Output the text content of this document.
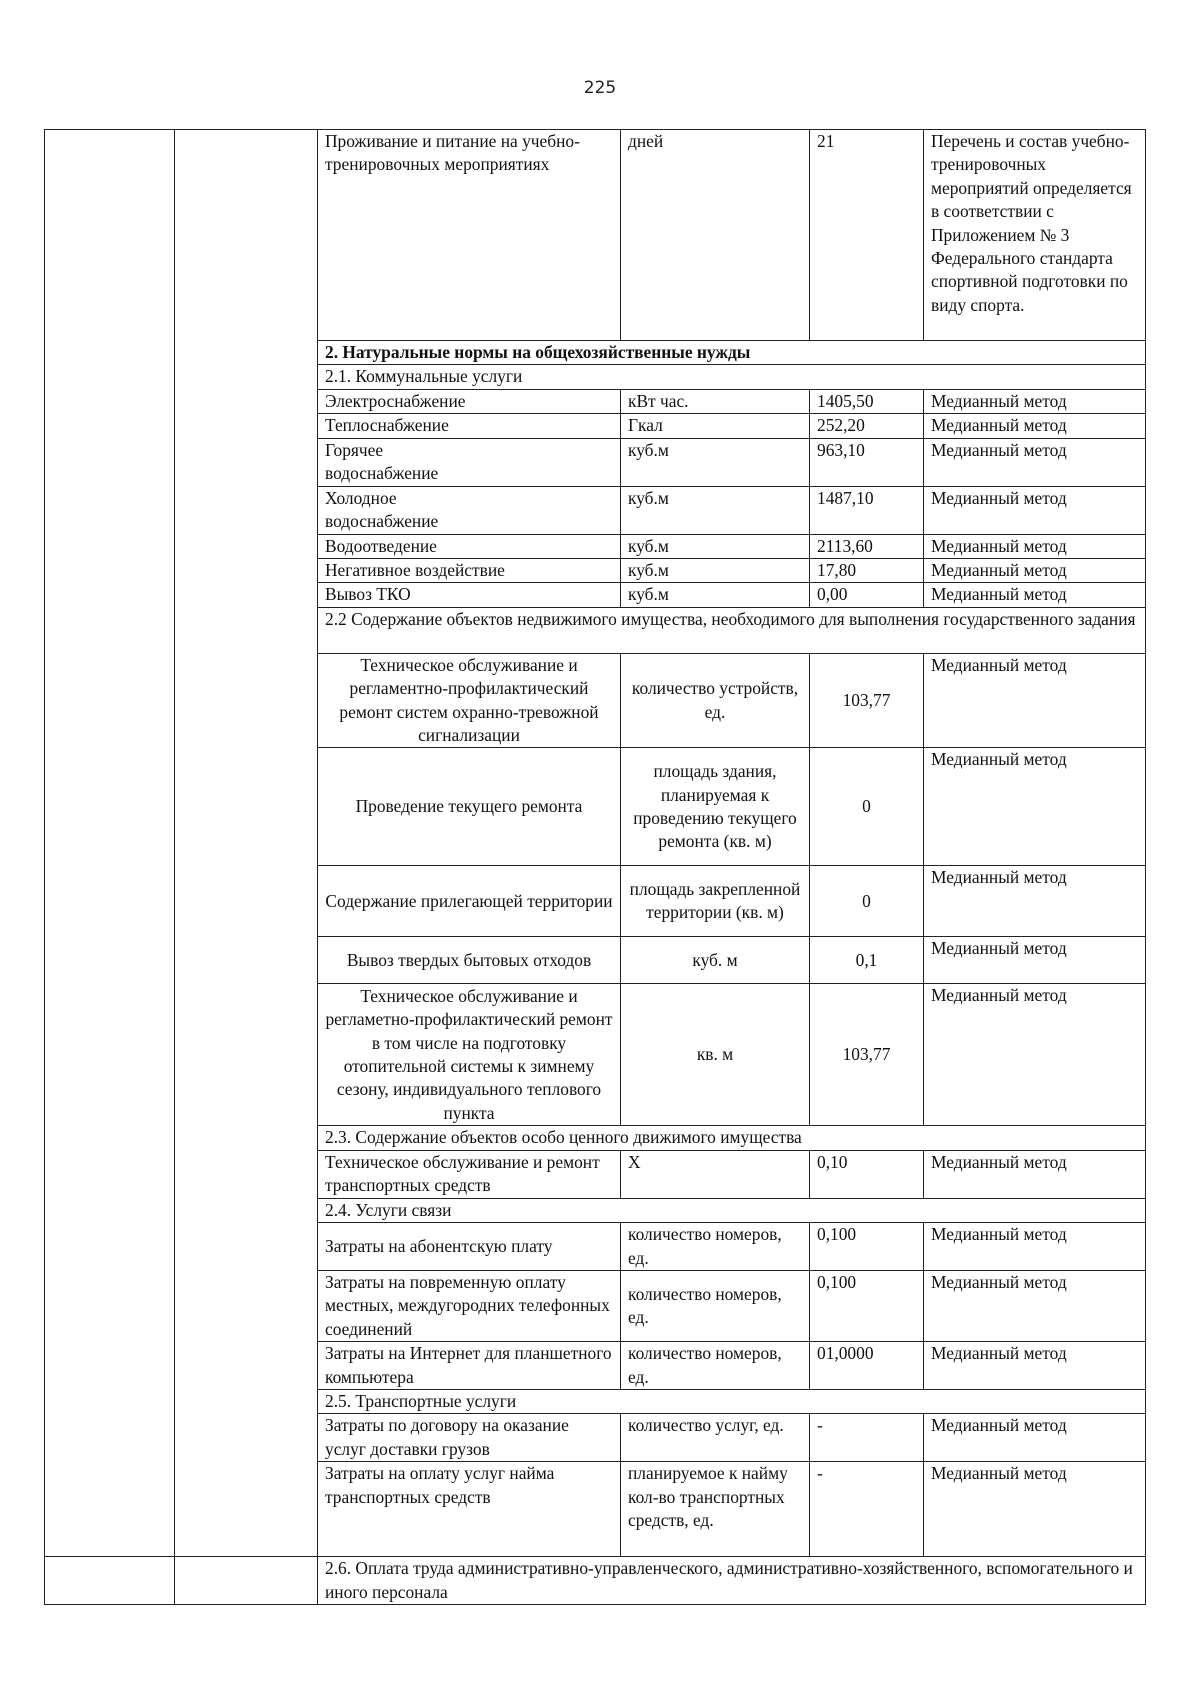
225
		Проживание и питание на учебно-тренировочных мероприятиях	дней	21	Перечень и состав учебно-тренировочных мероприятий определяется в соответствии с Приложением № 3 Федерального стандарта спортивной подготовки по виду спорта.
		2. Натуральные нормы на общехозяйственные нужды			
		2.1. Коммунальные услуги			
		Электроснабжение	кВт час.	1405,50	Медианный метод
		Теплоснабжение	Гкал	252,20	Медианный метод

		Горячее водоснабжение	куб.м	963,10	Медианный метод

		Холодное водоснабжение	куб.м	1487,10	Медианный метод
		Водоотведение	куб.м	2113,60	Медианный метод
		Негативное воздействие	куб.м	17,80	Медианный метод
		Вывоз ТКО	куб.м	0,00	Медианный метод
		2.2 Содержание объектов недвижимого имущества, необходимого для выполнения государственного задания			
		Техническое обслуживание и регламентно-профилактический ремонт систем охранно-тревожной сигнализации	количество устройств, ед.	103,77	Медианный метод
		Проведение текущего ремонта	площадь здания, планируемая к проведению текущего ремонта (кв. м)	0	Медианный метод
		Содержание прилегающей территории	площадь закрепленной территории (кв. м)	0	Медианный метод
		Вывоз твердых бытовых отходов	куб. м	0,1	Медианный метод
		Техническое обслуживание и регламетно-профилактический ремонт в том числе на подготовку отопительной системы к зимнему сезону, индивидуального теплового пункта	кв. м	103,77	Медианный метод
		2.3. Содержание объектов особо ценного движимого имущества			
		Техническое обслуживание и ремонт транспортных средств	Х	0,10	Медианный метод
		2.4. Услуги связи			
		Затраты на абонентскую плату	количество номеров, ед.	0,100	Медианный метод
		Затраты на повременную оплату местных, междугородних телефонных соединений	количество номеров, ед.	0,100	Медианный метод
		Затраты на Интернет для планшетного компьютера	количество номеров, ед.	01,0000	Медианный метод
		2.5. Транспортные услуги			
		Затраты по договору на оказание услуг доставки грузов	количество услуг, ед.	-	Медианный метод
		Затраты на оплату услуг найма транспортных средств	планируемое к найму кол-во транспортных средств, ед.	-	Медианный метод
		2.6. Оплата труда административно-управленческого, административно-хозяйственного, вспомогательного и иного персонала			
